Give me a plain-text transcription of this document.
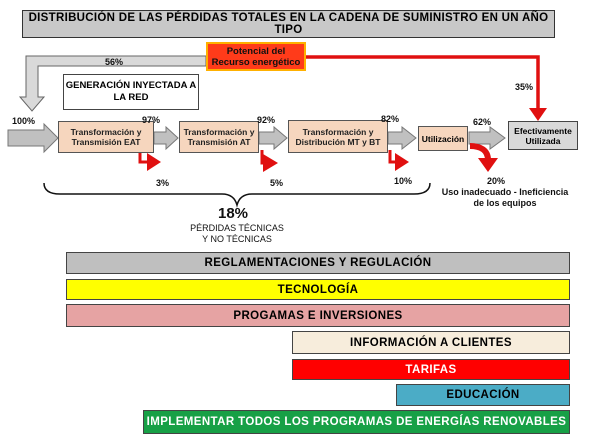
DISTRIBUCIÓN DE LAS PÉRDIDAS TOTALES EN LA CADENA DE SUMINISTRO EN UN AÑO TIPO
Potencial del Recurso energético
GENERACIÓN INYECTADA A LA RED
Transformación y Transmisión EAT
Transformación y Transmisión AT
Transformación y Distribución MT y BT	Utilización
Efectivamente Utilizada
100%	97%	92%	82%	62%
3%	5%	10%	20%
56%
35%
Uso inadecuado - Ineficiencia de los equipos
18%
PÉRDIDAS TÉCNICAS Y NO TÉCNICAS
REGLAMENTACIONES Y REGULACIÓN
TECNOLOGÍA
PROGAMAS E INVERSIONES
INFORMACIÓN A CLIENTES
TARIFAS
EDUCACIÓN
IMPLEMENTAR TODOS LOS PROGRAMAS DE ENERGÍAS RENOVABLES
